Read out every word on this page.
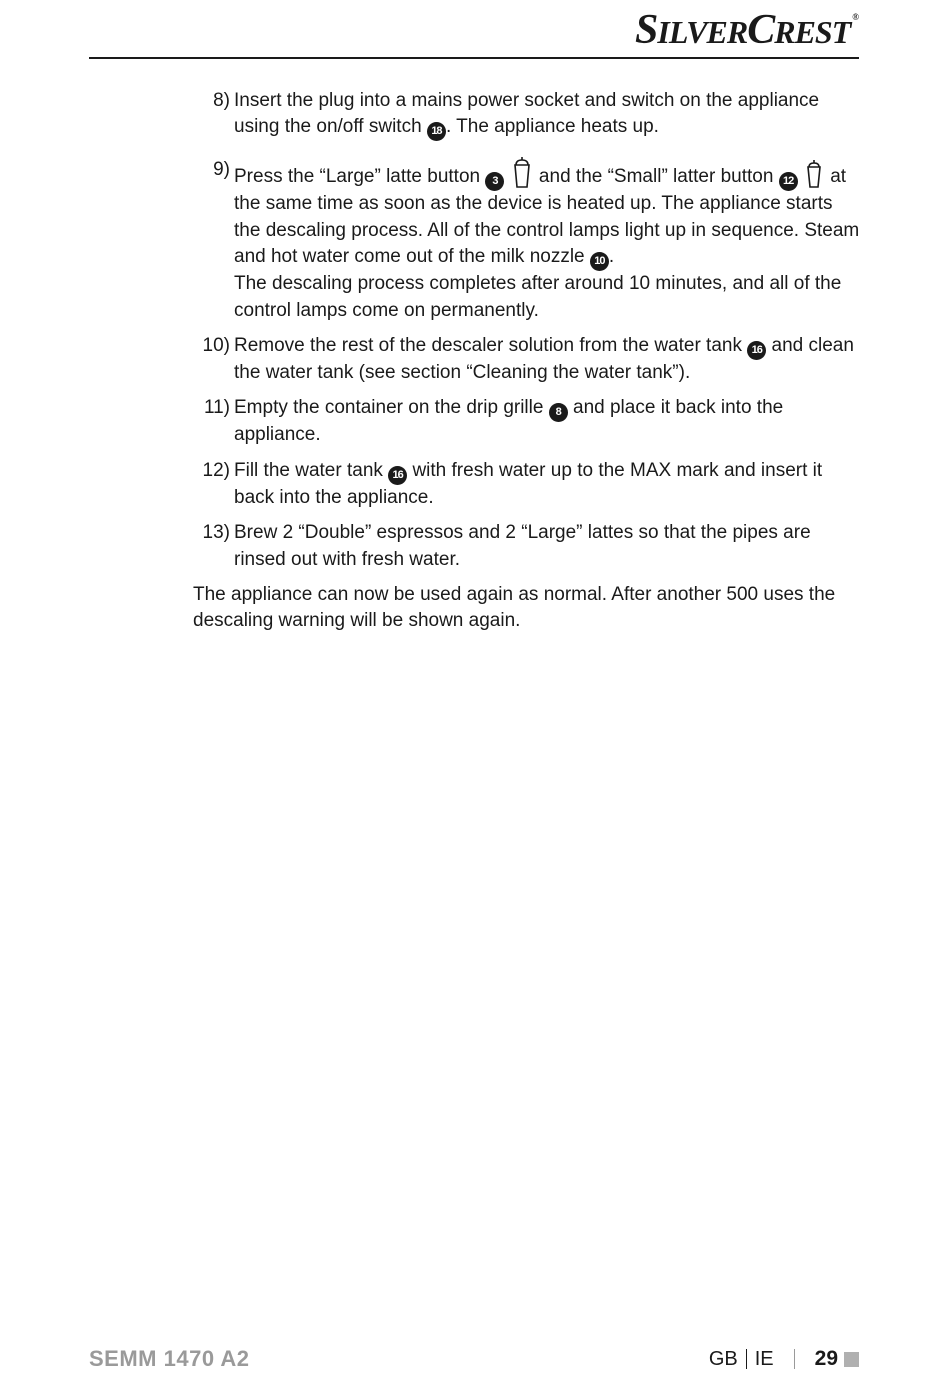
SILVERCREST ®
8) Insert the plug into a mains power socket and switch on the appliance using the on/off switch 18 . The appliance heats up.
9) Press the “Large” latte button 3  and the “Small” latter button 12  at the same time as soon as the device is heated up. The appliance starts the descaling process. All of the control lamps light up in sequence. Steam and hot water come out of the milk nozzle 10 .

The descaling process completes after around 10 minutes, and all of the control lamps come on permanently.

10) Remove the rest of the descaler solution from the water tank 16 and clean the water tank (see section “Cleaning the water tank”).
11) Empty the container on the drip grille 8 and place it back into the appliance.
12) Fill the water tank 16 with fresh water up to the MAX mark and insert it back into the appliance.
13) Brew 2 “Double” espressos and 2 “Large” lattes so that the pipes are rinsed out with fresh water.

The appliance can now be used again as normal. After another 500 uses the descaling warning will be shown again.

SEMM 1470 A2	GB IE 29
